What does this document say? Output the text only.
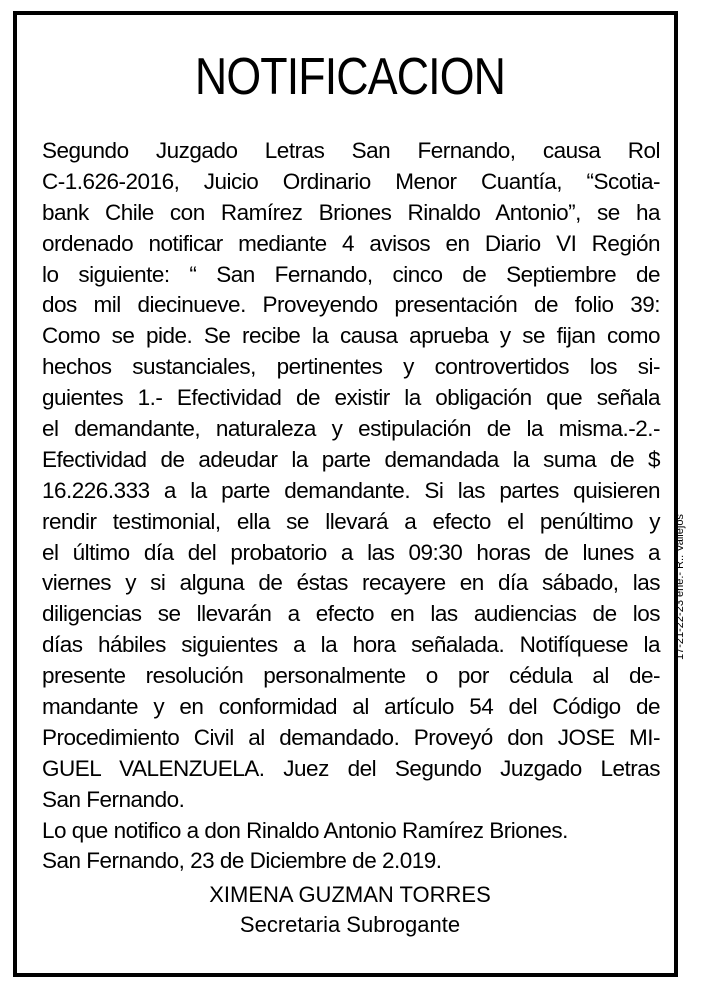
NOTIFICACION
Segundo Juzgado Letras San Fernando, causa Rol
C-1.626-2016, Juicio Ordinario Menor Cuantía, “Scotia-
bank Chile con Ramírez Briones Rinaldo Antonio”, se ha
ordenado notificar mediante 4 avisos en Diario VI Región
lo siguiente: “ San Fernando, cinco de Septiembre de
dos mil diecinueve. Proveyendo presentación de folio 39:
Como se pide. Se recibe la causa aprueba y se fijan como
hechos sustanciales, pertinentes y controvertidos los si-
guientes 1.- Efectividad de existir la obligación que señala
el demandante, naturaleza y estipulación de la misma.-2.-
Efectividad de adeudar la parte demandada la suma de $
16.226.333 a la parte demandante. Si las partes quisieren
rendir testimonial, ella se llevará a efecto el penúltimo y
el último día del probatorio a las 09:30 horas de lunes a
viernes y si alguna de éstas recayere en día sábado, las
diligencias se llevarán a efecto en las audiencias de los
días hábiles siguientes a la hora señalada. Notifíquese la
presente resolución personalmente o por cédula al de-
mandante y en conformidad al artículo 54 del Código de
Procedimiento Civil al demandado. Proveyó don JOSE MI-
GUEL VALENZUELA. Juez del Segundo Juzgado Letras
San Fernando.
Lo que notifico a don Rinaldo Antonio Ramírez Briones.
San Fernando, 23 de Diciembre de 2.019.
XIMENA GUZMAN TORRES
Secretaria Subrogante
17-21-22-23 ene.- R.. Vallejos
